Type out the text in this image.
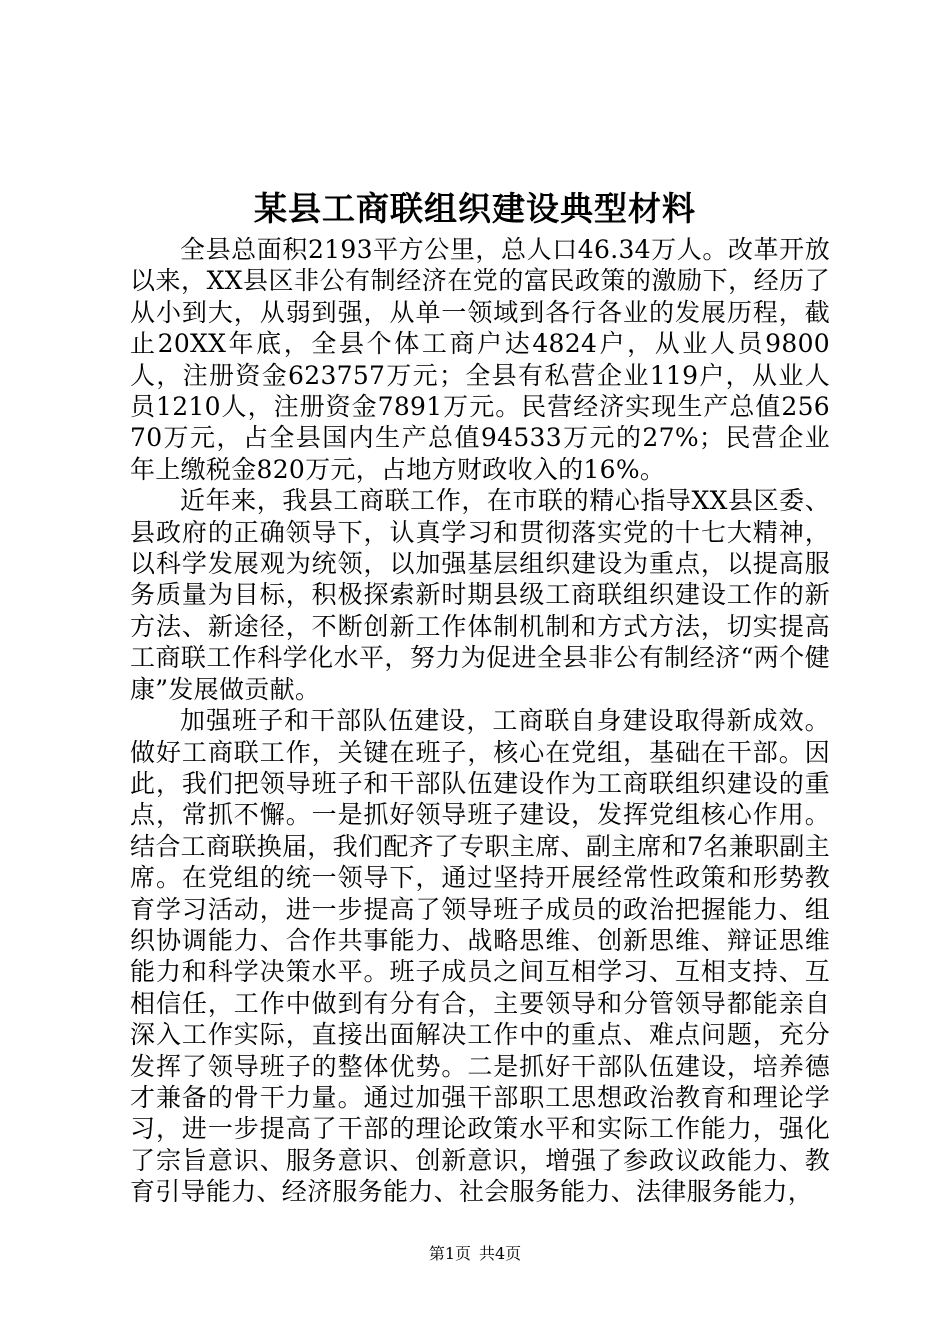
某县工商联组织建设典型材料

全县总面积2193平方公里，总人口46.34万人。改革开放以来，XX县区非公有制经济在党的富民政策的激励下，经历了从小到大，从弱到强，从单一领域到各行各业的发展历程，截止20XX年底，全县个体工商户达4824户，从业人员9800人，注册资金623757万元；全县有私营企业119户，从业人员1210人，注册资金7891万元。民营经济实现生产总值25670万元，占全县国内生产总值94533万元的27%；民营企业年上缴税金820万元，占地方财政收入的16%。

近年来，我县工商联工作，在市联的精心指导XX县区委、县政府的正确领导下，认真学习和贯彻落实党的十七大精神，以科学发展观为统领，以加强基层组织建设为重点，以提高服务质量为目标，积极探索新时期县级工商联组织建设工作的新方法、新途径，不断创新工作体制机制和方式方法，切实提高工商联工作科学化水平，努力为促进全县非公有制经济“两个健康”发展做贡献。

加强班子和干部队伍建设，工商联自身建设取得新成效。做好工商联工作，关键在班子，核心在党组，基础在干部。因此，我们把领导班子和干部队伍建设作为工商联组织建设的重点，常抓不懈。一是抓好领导班子建设，发挥党组核心作用。结合工商联换届，我们配齐了专职主席、副主席和7名兼职副主席。在党组的统一领导下，通过坚持开展经常性政策和形势教育学习活动，进一步提高了领导班子成员的政治把握能力、组织协调能力、合作共事能力、战略思维、创新思维、辩证思维能力和科学决策水平。班子成员之间互相学习、互相支持、互相信任，工作中做到有分有合，主要领导和分管领导都能亲自深入工作实际，直接出面解决工作中的重点、难点问题，充分发挥了领导班子的整体优势。二是抓好干部队伍建设，培养德才兼备的骨干力量。通过加强干部职工思想政治教育和理论学习，进一步提高了干部的理论政策水平和实际工作能力，强化了宗旨意识、服务意识、创新意识，增强了参政议政能力、教育引导能力、经济服务能力、社会服务能力、法律服务能力，

第1页 共4页
